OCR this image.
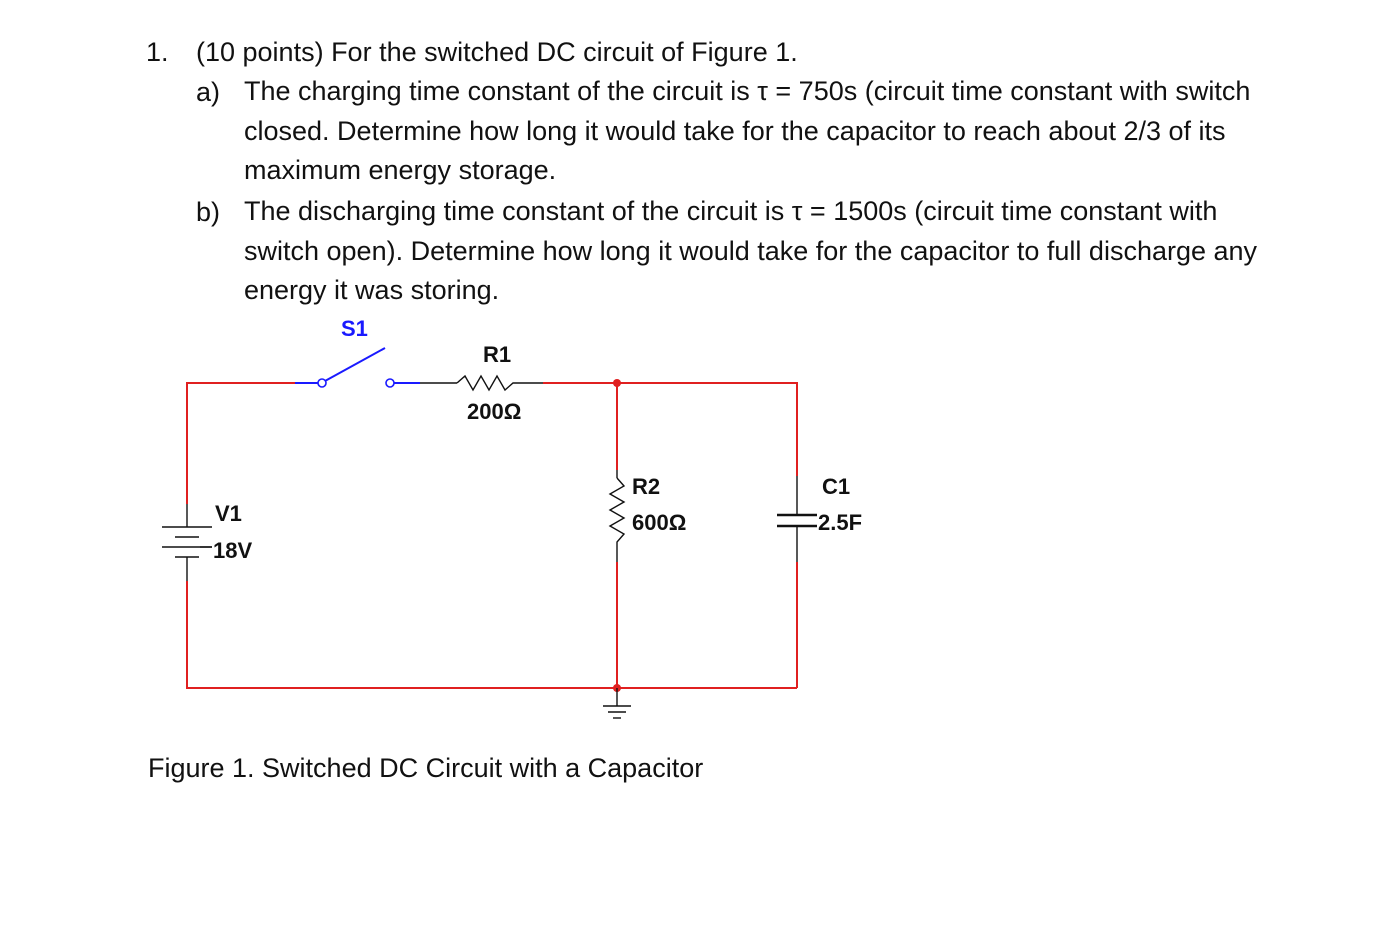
1. (10 points) For the switched DC circuit of Figure 1.
a) The charging time constant of the circuit is τ = 750s (circuit time constant with switch
closed. Determine how long it would take for the capacitor to reach about 2/3 of its
maximum energy storage.
b) The discharging time constant of the circuit is τ = 1500s (circuit time constant with
switch open). Determine how long it would take for the capacitor to full discharge any
energy it was storing.
S1
R1
200Ω
R2
600Ω
C1
2.5F
V1
18V
Figure 1. Switched DC Circuit with a Capacitor
